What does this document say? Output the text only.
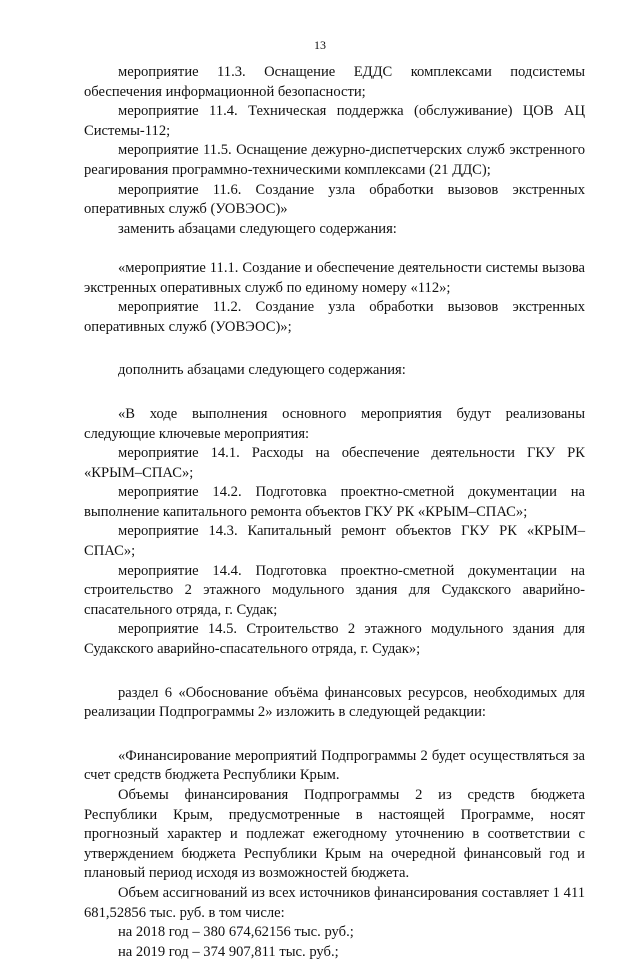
13

мероприятие 11.3. Оснащение ЕДДС комплексами подсистемы обеспечения информационной безопасности;

мероприятие 11.4. Техническая поддержка (обслуживание) ЦОВ АЦ Системы-112;

мероприятие 11.5. Оснащение дежурно-диспетчерских служб экстренного реагирования программно-техническими комплексами (21 ДДС);

мероприятие 11.6. Создание узла обработки вызовов экстренных оперативных служб (УОВЭОС)»

заменить абзацами следующего содержания:

«мероприятие 11.1. Создание и обеспечение деятельности системы вызова экстренных оперативных служб по единому номеру «112»;

мероприятие 11.2. Создание узла обработки вызовов экстренных оперативных служб (УОВЭОС)»;

дополнить абзацами следующего содержания:

«В ходе выполнения основного мероприятия будут реализованы следующие ключевые мероприятия:

мероприятие 14.1. Расходы на обеспечение деятельности ГКУ РК «КРЫМ–СПАС»;

мероприятие 14.2. Подготовка проектно-сметной документации на выполнение капитального ремонта объектов ГКУ РК «КРЫМ–СПАС»;

мероприятие 14.3. Капитальный ремонт объектов ГКУ РК «КРЫМ–СПАС»;

мероприятие 14.4. Подготовка проектно-сметной документации на строительство 2 этажного модульного здания для Судакского аварийно-спасательного отряда, г. Судак;

мероприятие 14.5. Строительство 2 этажного модульного здания для Судакского аварийно-спасательного отряда, г. Судак»;

раздел 6 «Обоснование объёма финансовых ресурсов, необходимых для реализации Подпрограммы 2» изложить в следующей редакции:

«Финансирование мероприятий Подпрограммы 2 будет осуществляться за счет средств бюджета Республики Крым.

Объемы финансирования Подпрограммы 2 из средств бюджета Республики Крым, предусмотренные в настоящей Программе, носят прогнозный характер и подлежат ежегодному уточнению в соответствии с утверждением бюджета Республики Крым на очередной финансовый год и плановый период исходя из возможностей бюджета.

Объем ассигнований из всех источников финансирования составляет 1 411 681,52856 тыс. руб. в том числе:

на 2018 год – 380 674,62156 тыс. руб.;

на 2019 год – 374 907,811 тыс. руб.;
